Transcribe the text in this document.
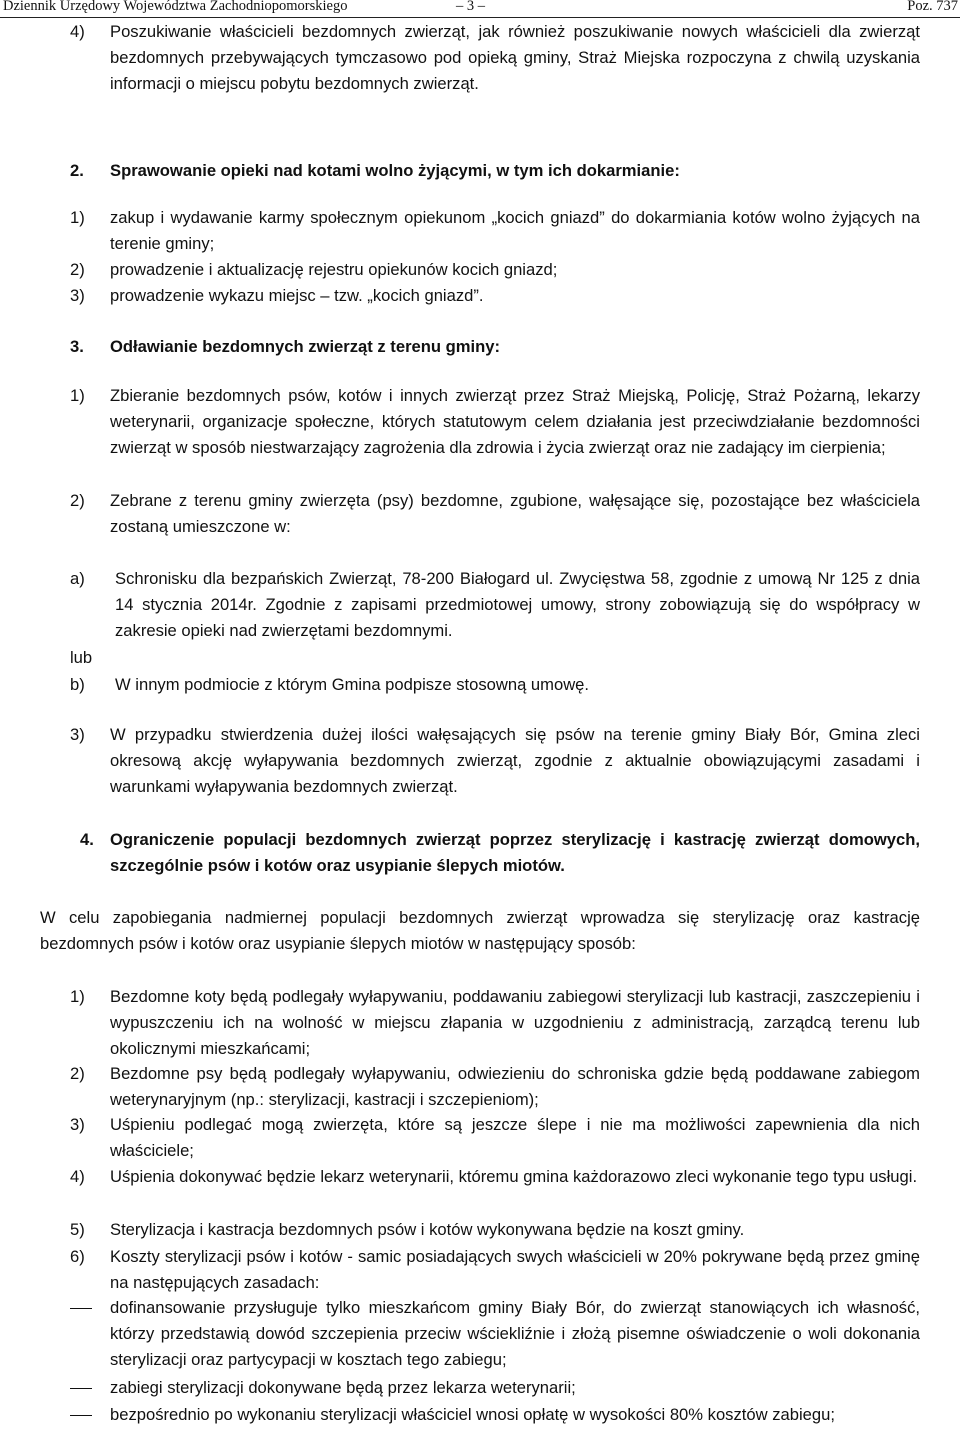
Dziennik Urzędowy Województwa Zachodniopomorskiego	– 3 –	Poz. 737
4) Poszukiwanie właścicieli bezdomnych zwierząt, jak również poszukiwanie nowych właścicieli dla zwierząt bezdomnych przebywających tymczasowo pod opieką gminy, Straż Miejska rozpoczyna z chwilą uzyskania informacji o miejscu pobytu bezdomnych zwierząt.

2. Sprawowanie opieki nad kotami wolno żyjącymi, w tym ich dokarmianie:

1) zakup i wydawanie karmy społecznym opiekunom „kocich gniazd” do dokarmiania kotów wolno żyjących na terenie gminy;

2) prowadzenie i aktualizację rejestru opiekunów kocich gniazd;

3) prowadzenie wykazu miejsc – tzw. „kocich gniazd”.

3. Odławianie bezdomnych zwierząt z terenu gminy:

1) Zbieranie bezdomnych psów, kotów i innych zwierząt przez Straż Miejską, Policję, Straż Pożarną, lekarzy weterynarii, organizacje społeczne, których statutowym celem działania jest przeciwdziałanie bezdomności zwierząt w sposób niestwarzający zagrożenia dla zdrowia i życia zwierząt oraz nie zadający im cierpienia;

2) Zebrane z terenu gminy zwierzęta (psy) bezdomne, zgubione, wałęsające się, pozostające bez właściciela zostaną umieszczone w:

a) Schronisku dla bezpańskich Zwierząt, 78-200 Białogard ul. Zwycięstwa 58, zgodnie z umową Nr 125 z dnia 14 stycznia 2014r. Zgodnie z zapisami przedmiotowej umowy, strony zobowiązują się do współpracy w zakresie opieki nad zwierzętami bezdomnymi.

lub
b) W innym podmiocie z którym Gmina podpisze stosowną umowę.

3) W przypadku stwierdzenia dużej ilości wałęsających się psów na terenie gminy Biały Bór, Gmina zleci okresową akcję wyłapywania bezdomnych zwierząt, zgodnie z aktualnie obowiązującymi zasadami i warunkami wyłapywania bezdomnych zwierząt.

4. Ograniczenie populacji bezdomnych zwierząt poprzez sterylizację i kastrację zwierząt domowych, szczególnie psów i kotów oraz usypianie ślepych miotów.

W celu zapobiegania nadmiernej populacji bezdomnych zwierząt wprowadza się sterylizację oraz kastrację bezdomnych psów i kotów oraz usypianie ślepych miotów w następujący sposób:

1) Bezdomne koty będą podlegały wyłapywaniu, poddawaniu zabiegowi sterylizacji lub kastracji, zaszczepieniu i wypuszczeniu ich na wolność w miejscu złapania w uzgodnieniu z administracją, zarządcą terenu lub okolicznymi mieszkańcami;

2) Bezdomne psy będą podlegały wyłapywaniu, odwiezieniu do schroniska gdzie będą poddawane zabiegom weterynaryjnym (np.: sterylizacji, kastracji i szczepieniom);

3) Uśpieniu podlegać mogą zwierzęta, które są jeszcze ślepe i nie ma możliwości zapewnienia dla nich właściciele;

4) Uśpienia dokonywać będzie lekarz weterynarii, któremu gmina każdorazowo zleci wykonanie tego typu usługi.

5) Sterylizacja i kastracja bezdomnych psów i kotów wykonywana będzie na koszt gminy.

6) Koszty sterylizacji psów i kotów - samic posiadających swych właścicieli w 20% pokrywane będą przez gminę na następujących zasadach:

dofinansowanie przysługuje tylko mieszkańcom gminy Biały Bór, do zwierząt stanowiących ich własność, którzy przedstawią dowód szczepienia przeciw wściekliźnie i złożą pisemne oświadczenie o woli dokonania sterylizacji oraz partycypacji w kosztach tego zabiegu;

zabiegi sterylizacji dokonywane będą przez lekarza weterynarii;

bezpośrednio po wykonaniu sterylizacji właściciel wnosi opłatę w wysokości 80% kosztów zabiegu;
